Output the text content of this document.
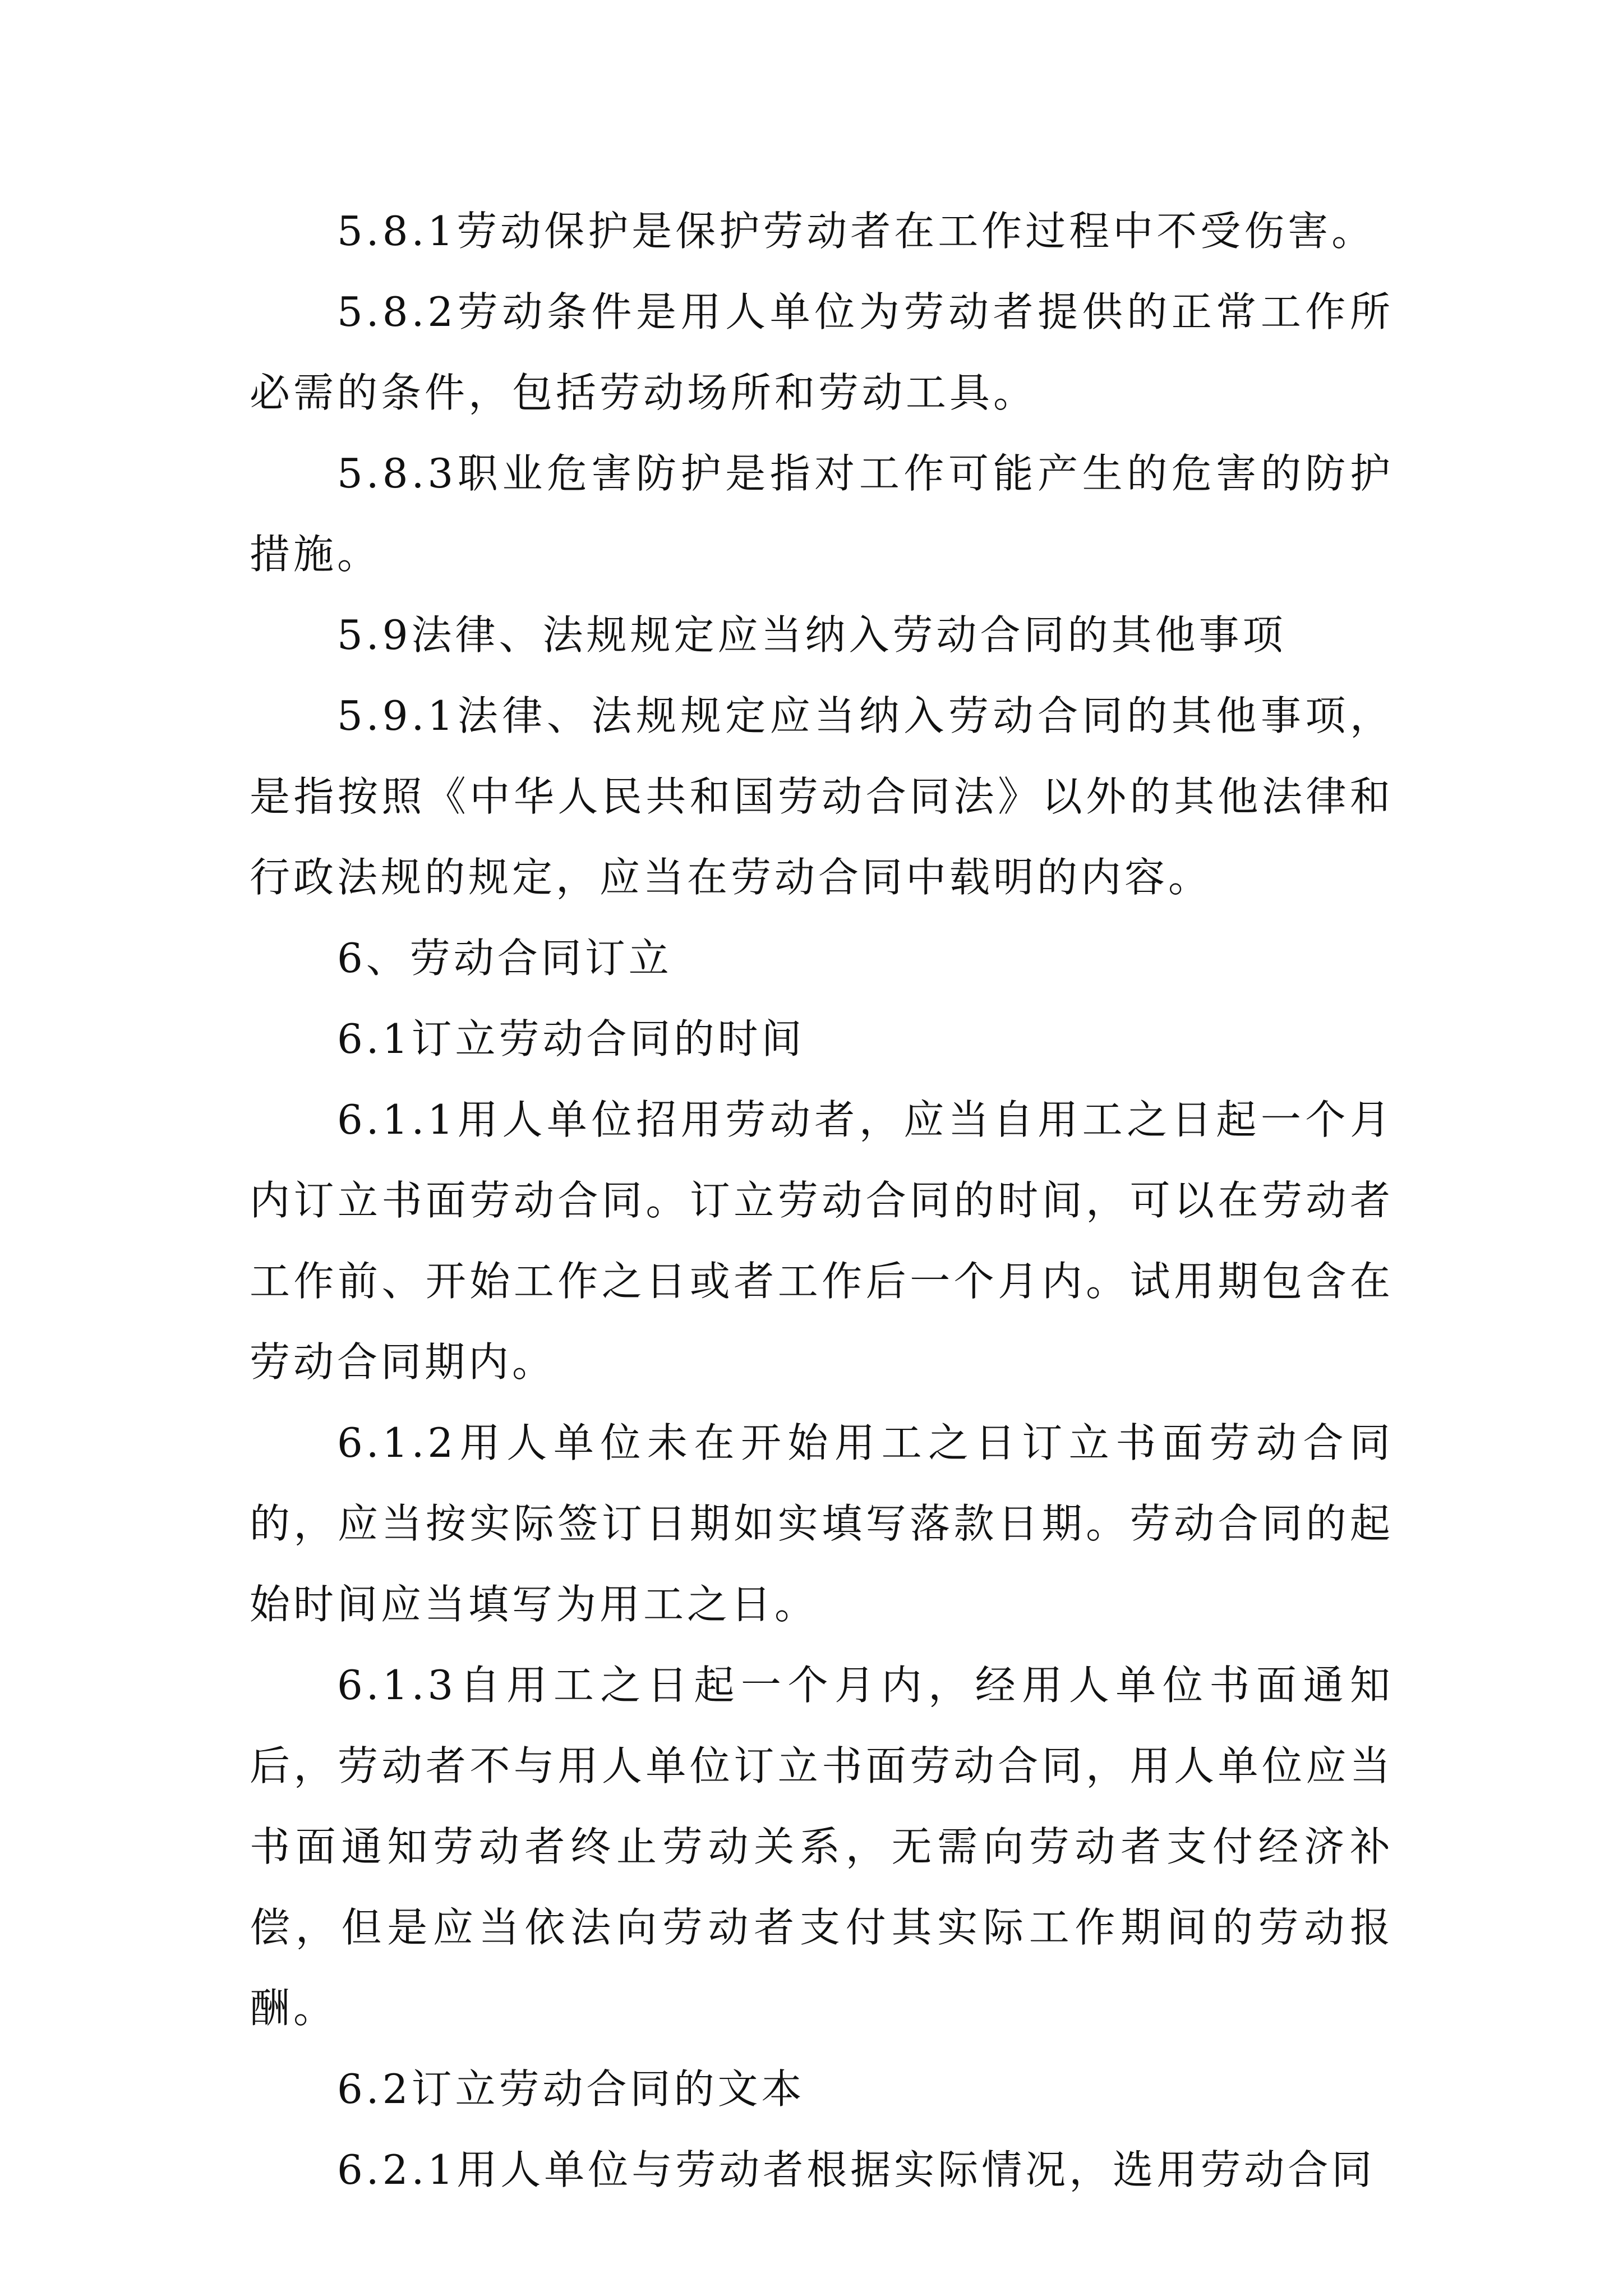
5.8.1劳动保护是保护劳动者在工作过程中不受伤害。

5.8.2劳动条件是用人单位为劳动者提供的正常工作所必需的条件，包括劳动场所和劳动工具。

5.8.3职业危害防护是指对工作可能产生的危害的防护措施。

5.9法律、法规规定应当纳入劳动合同的其他事项

5.9.1法律、法规规定应当纳入劳动合同的其他事项，是指按照《中华人民共和国劳动合同法》以外的其他法律和行政法规的规定，应当在劳动合同中载明的内容。

6、劳动合同订立

6.1订立劳动合同的时间

6.1.1用人单位招用劳动者，应当自用工之日起一个月内订立书面劳动合同。订立劳动合同的时间，可以在劳动者工作前、开始工作之日或者工作后一个月内。试用期包含在劳动合同期内。

6.1.2用人单位未在开始用工之日订立书面劳动合同的，应当按实际签订日期如实填写落款日期。劳动合同的起始时间应当填写为用工之日。

6.1.3自用工之日起一个月内，经用人单位书面通知后，劳动者不与用人单位订立书面劳动合同，用人单位应当书面通知劳动者终止劳动关系，无需向劳动者支付经济补偿，但是应当依法向劳动者支付其实际工作期间的劳动报酬。

6.2订立劳动合同的文本

6.2.1用人单位与劳动者根据实际情况，选用劳动合同
